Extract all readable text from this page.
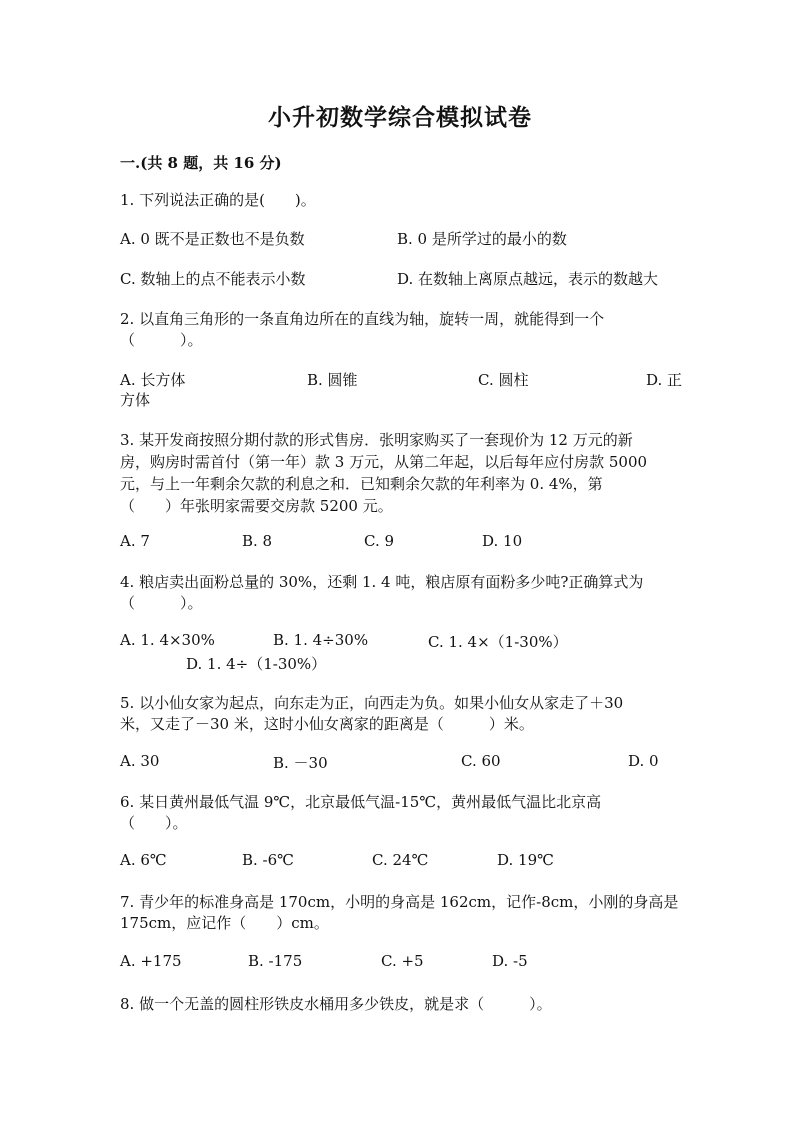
小升初数学综合模拟试卷
一.(共 8 题，共 16 分)
1. 下列说法正确的是(　　)。
A. 0 既不是正数也不是负数	B. 0 是所学过的最小的数
C. 数轴上的点不能表示小数	D. 在数轴上离原点越远，表示的数越大
2. 以直角三角形的一条直角边所在的直线为轴，旋转一周，就能得到一个
（　　　）。
A. 长方体	B. 圆锥	C. 圆柱	D. 正
方体
3. 某开发商按照分期付款的形式售房．张明家购买了一套现价为 12 万元的新
房，购房时需首付（第一年）款 3 万元，从第二年起，以后每年应付房款 5000
元，与上一年剩余欠款的利息之和．已知剩余欠款的年利率为 0. 4%，第
（　　）年张明家需要交房款 5200 元。
A. 7	B. 8	C. 9	D. 10
4. 粮店卖出面粉总量的 30%，还剩 1. 4 吨，粮店原有面粉多少吨?正确算式为
（　　　）。
A. 1. 4×30%	B. 1. 4÷30%	C. 1. 4×（1-30%）
D. 1. 4÷（1-30%）
5. 以小仙女家为起点，向东走为正，向西走为负。如果小仙女从家走了＋30
米，又走了－30 米，这时小仙女离家的距离是（　　　）米。
A. 30	B. －30	C. 60	D. 0
6. 某日黄州最低气温 9℃，北京最低气温-15℃，黄州最低气温比北京高
（　　）。
A. 6℃	B. -6℃	C. 24℃	D. 19℃
7. 青少年的标准身高是 170cm，小明的身高是 162cm，记作-8cm，小刚的身高是
175cm，应记作（　　）cm。
A. +175	B. -175	C. +5	D. -5
8. 做一个无盖的圆柱形铁皮水桶用多少铁皮，就是求（　　　）。
